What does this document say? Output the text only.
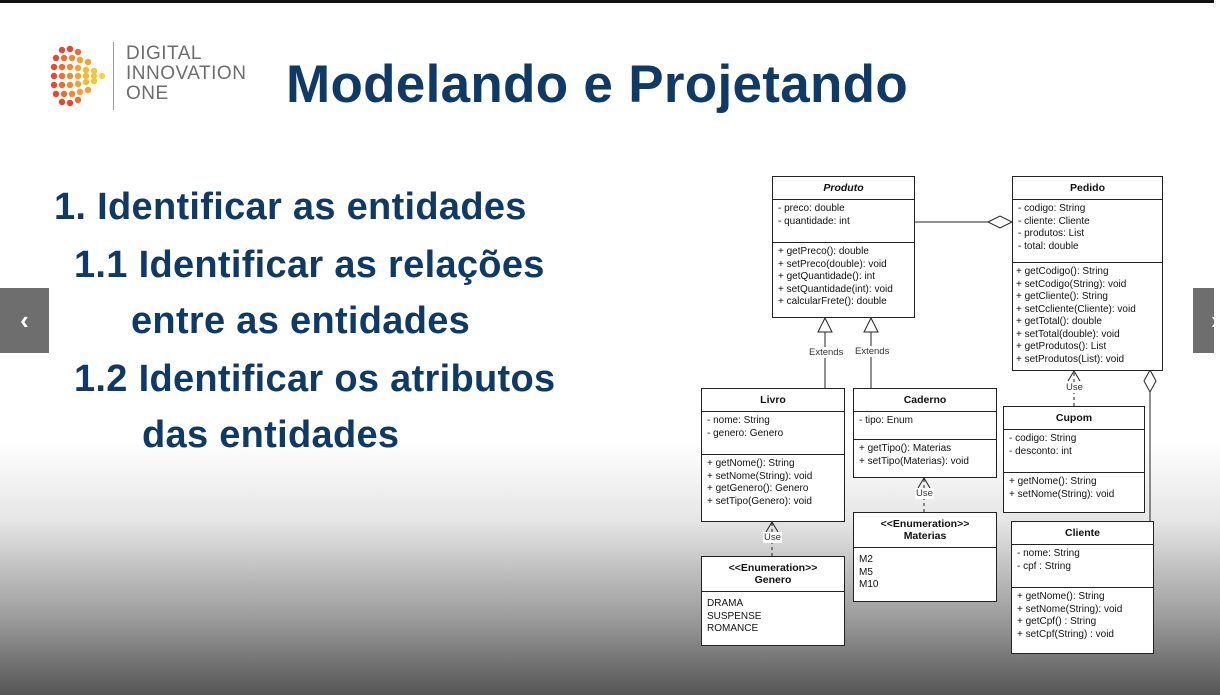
DIGITAL
INNOVATION
ONE	Modelando e Projetando
1. Identificar as entidades
1.1 Identificar as relações
entre as entidades
1.2 Identificar os atributos
das entidades
‹	›
Extends Extends
Use
Use
Use
Produto
- preco: double
- quantidade: int
+ getPreco(): double
+ setPreco(double): void
+ getQuantidade(): int
+ setQuantidade(int): void
+ calcularFrete(): double
Pedido
- codigo: String
- cliente: Cliente
- produtos: List
- total: double
+ getCodigo(): String
+ setCodigo(String): void
+ getCliente(): String
+ setCcliente(Cliente): void
+ getTotal(): double
+ setTotal(double): void
+ getProdutos(): List
+ setProdutos(List): void
Livro
- nome: String
- genero: Genero
+ getNome(): String
+ setNome(String): void
+ getGenero(): Genero
+ setTipo(Genero): void
Caderno
- tipo: Enum
+ getTipo(): Materias
+ setTipo(Materias): void
Cupom
- codigo: String
- desconto: int
+ getNome(): String
+ setNome(String): void
Cliente
- nome: String
- cpf : String
+ getNome(): String
+ setNome(String): void
+ getCpf() : String
+ setCpf(String) : void
<<Enumeration>>
Genero
DRAMA
SUSPENSE
ROMANCE
<<Enumeration>>
Materias
M2
M5
M10
